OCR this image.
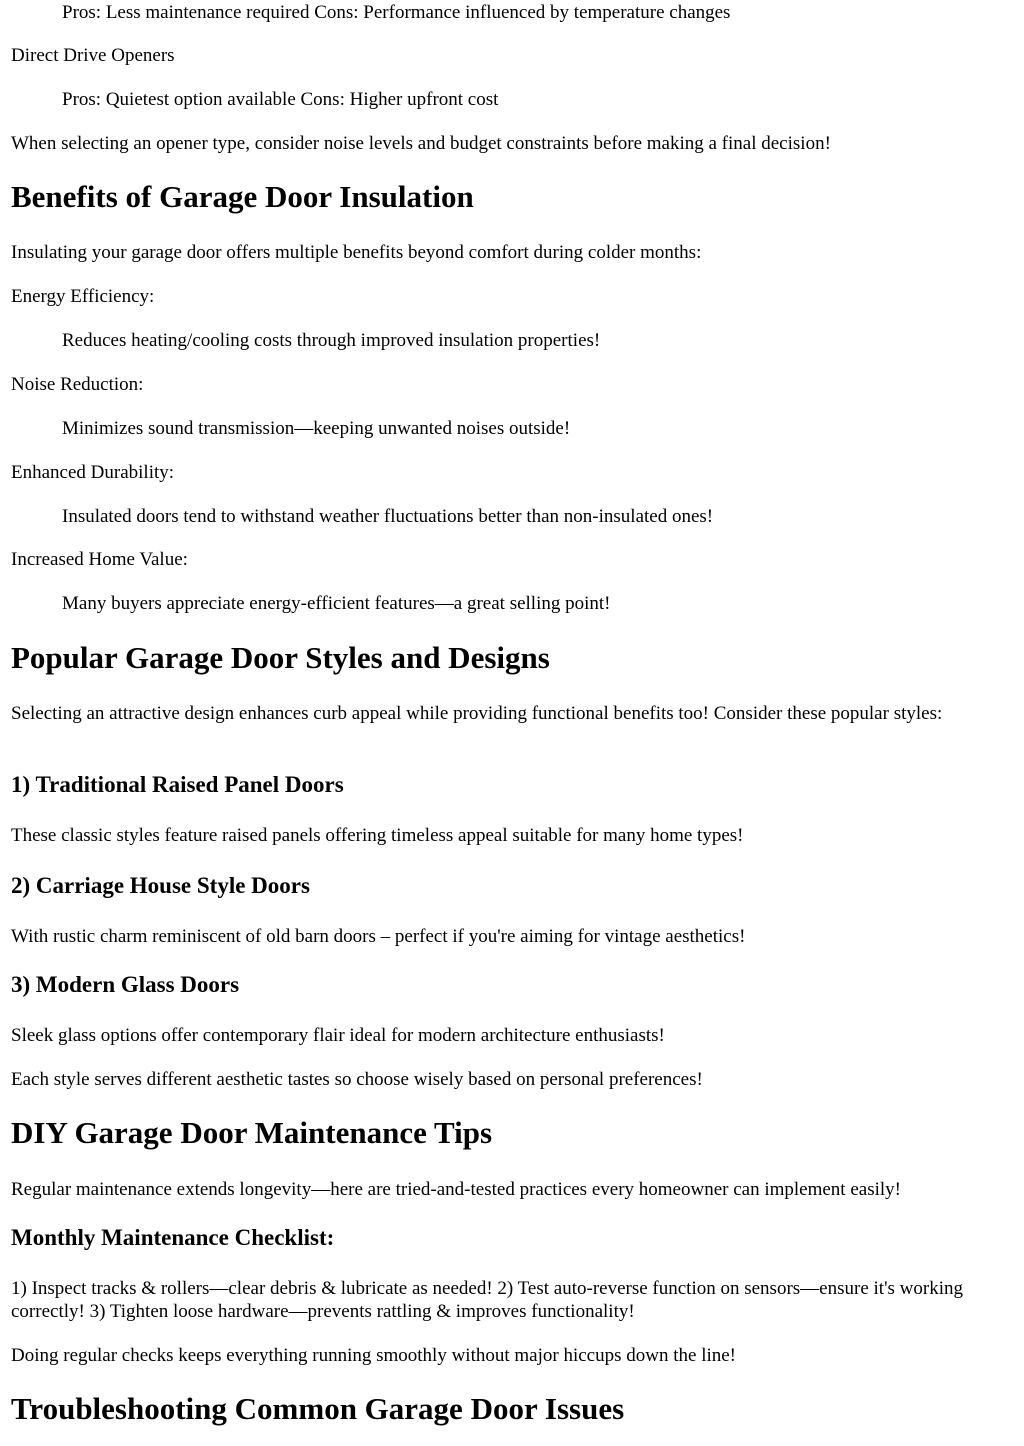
Pros: Less maintenance required Cons: Performance influenced by temperature changes

Direct Drive Openers

Pros: Quietest option available Cons: Higher upfront cost

When selecting an opener type, consider noise levels and budget constraints before making a final decision!

Benefits of Garage Door Insulation

Insulating your garage door offers multiple benefits beyond comfort during colder months:

Energy Efficiency:

Reduces heating/cooling costs through improved insulation properties!

Noise Reduction:

Minimizes sound transmission—keeping unwanted noises outside!

Enhanced Durability:

Insulated doors tend to withstand weather fluctuations better than non-insulated ones!

Increased Home Value:

Many buyers appreciate energy-efficient features—a great selling point!

Popular Garage Door Styles and Designs

Selecting an attractive design enhances curb appeal while providing functional benefits too! Consider these popular styles:

1) Traditional Raised Panel Doors

These classic styles feature raised panels offering timeless appeal suitable for many home types!

2) Carriage House Style Doors

With rustic charm reminiscent of old barn doors – perfect if you're aiming for vintage aesthetics!

3) Modern Glass Doors

Sleek glass options offer contemporary flair ideal for modern architecture enthusiasts!

Each style serves different aesthetic tastes so choose wisely based on personal preferences!

DIY Garage Door Maintenance Tips

Regular maintenance extends longevity—here are tried-and-tested practices every homeowner can implement easily!

Monthly Maintenance Checklist:

1) Inspect tracks & rollers—clear debris & lubricate as needed! 2) Test auto-reverse function on sensors—ensure it's working correctly! 3) Tighten loose hardware—prevents rattling & improves functionality!

Doing regular checks keeps everything running smoothly without major hiccups down the line!

Troubleshooting Common Garage Door Issues
